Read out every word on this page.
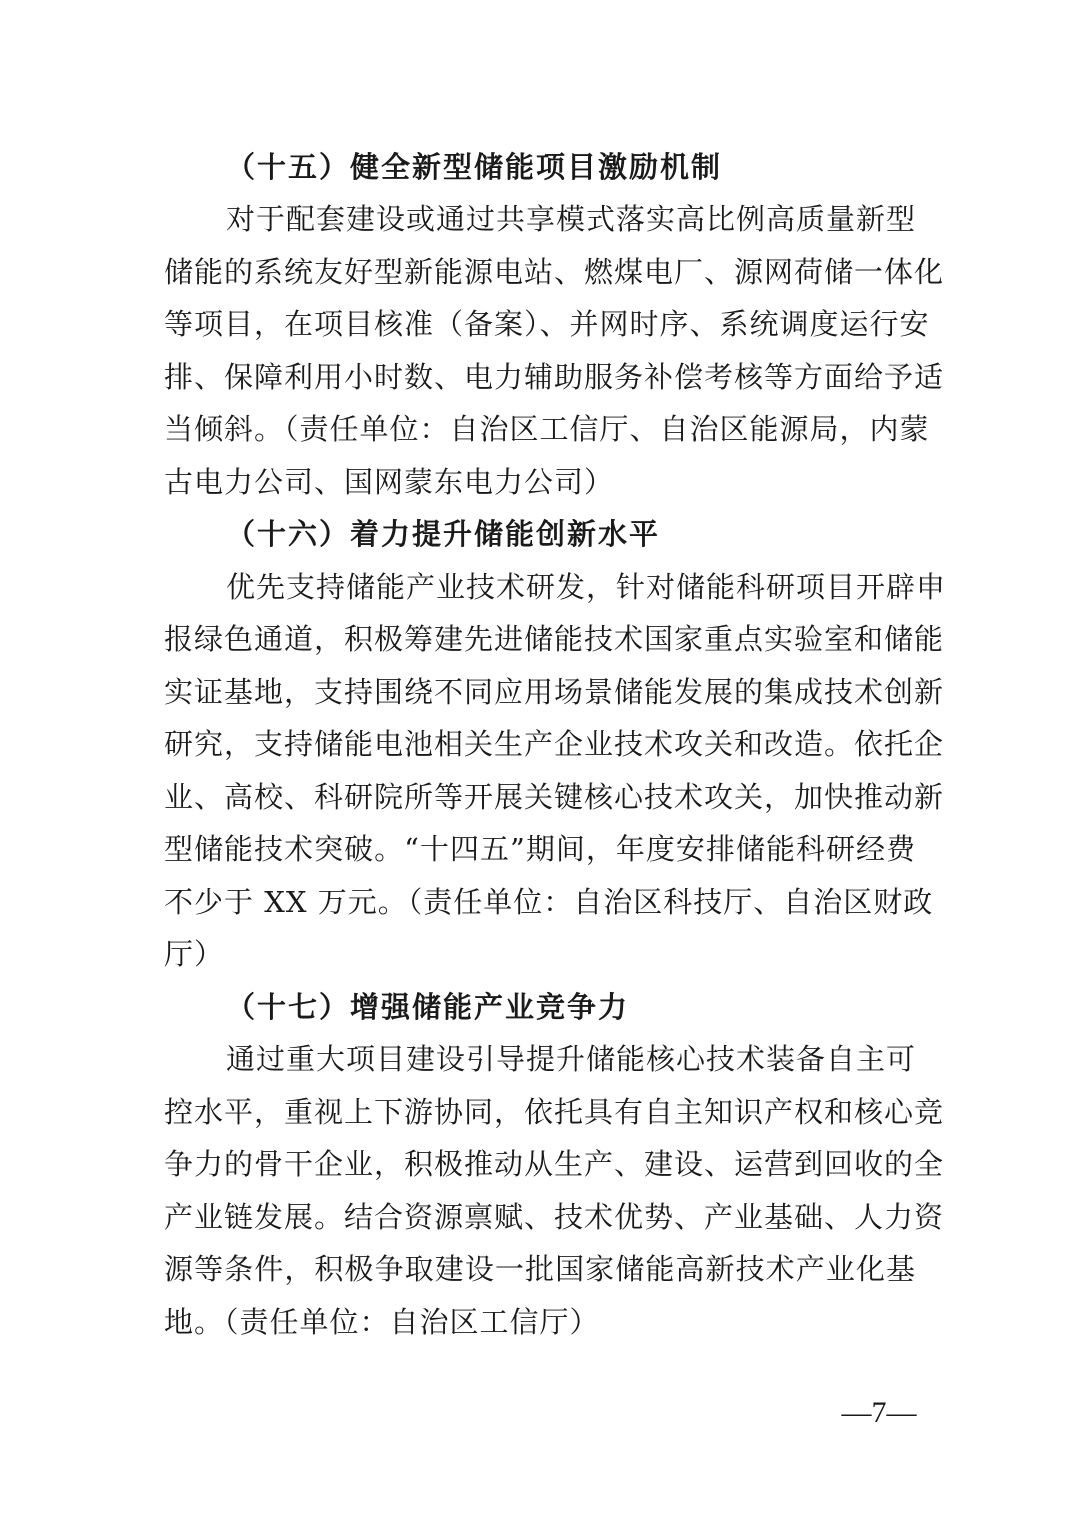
（十五）健全新型储能项目激励机制
对于配套建设或通过共享模式落实高比例高质量新型
储能的系统友好型新能源电站、燃煤电厂、源网荷储一体化
等项目，在项目核准（备案）、并网时序、系统调度运行安
排、保障利用小时数、电力辅助服务补偿考核等方面给予适
当倾斜。（责任单位：自治区工信厅、自治区能源局，内蒙
古电力公司、国网蒙东电力公司）
（十六）着力提升储能创新水平
优先支持储能产业技术研发，针对储能科研项目开辟申
报绿色通道，积极筹建先进储能技术国家重点实验室和储能
实证基地，支持围绕不同应用场景储能发展的集成技术创新
研究，支持储能电池相关生产企业技术攻关和改造。依托企
业、高校、科研院所等开展关键核心技术攻关，加快推动新
型储能技术突破。“十四五”期间，年度安排储能科研经费
不少于 XX 万元。（责任单位：自治区科技厅、自治区财政
厅）
（十七）增强储能产业竞争力
通过重大项目建设引导提升储能核心技术装备自主可
控水平，重视上下游协同，依托具有自主知识产权和核心竞
争力的骨干企业，积极推动从生产、建设、运营到回收的全
产业链发展。结合资源禀赋、技术优势、产业基础、人力资
源等条件，积极争取建设一批国家储能高新技术产业化基
地。（责任单位：自治区工信厅）
—7—
